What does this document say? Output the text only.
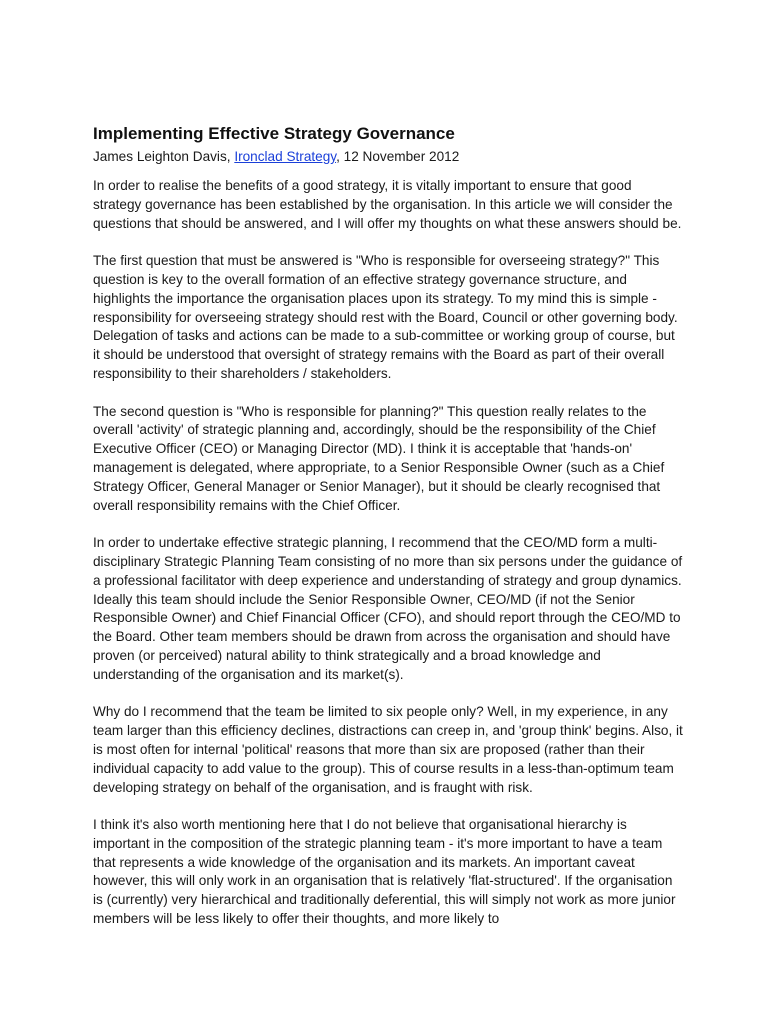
Implementing Effective Strategy Governance
James Leighton Davis, Ironclad Strategy, 12 November 2012

In order to realise the benefits of a good strategy, it is vitally important to ensure that good strategy governance has been established by the organisation. In this article we will consider the questions that should be answered, and I will offer my thoughts on what these answers should be.

The first question that must be answered is "Who is responsible for overseeing strategy?" This question is key to the overall formation of an effective strategy governance structure, and highlights the importance the organisation places upon its strategy. To my mind this is simple - responsibility for overseeing strategy should rest with the Board, Council or other governing body. Delegation of tasks and actions can be made to a sub-committee or working group of course, but it should be understood that oversight of strategy remains with the Board as part of their overall responsibility to their shareholders / stakeholders.

The second question is "Who is responsible for planning?" This question really relates to the overall 'activity' of strategic planning and, accordingly, should be the responsibility of the Chief Executive Officer (CEO) or Managing Director (MD). I think it is acceptable that 'hands-on' management is delegated, where appropriate, to a Senior Responsible Owner (such as a Chief Strategy Officer, General Manager or Senior Manager), but it should be clearly recognised that overall responsibility remains with the Chief Officer.

In order to undertake effective strategic planning, I recommend that the CEO/MD form a multi-disciplinary Strategic Planning Team consisting of no more than six persons under the guidance of a professional facilitator with deep experience and understanding of strategy and group dynamics. Ideally this team should include the Senior Responsible Owner, CEO/MD (if not the Senior Responsible Owner) and Chief Financial Officer (CFO), and should report through the CEO/MD to the Board. Other team members should be drawn from across the organisation and should have proven (or perceived) natural ability to think strategically and a broad knowledge and understanding of the organisation and its market(s).

Why do I recommend that the team be limited to six people only? Well, in my experience, in any team larger than this efficiency declines, distractions can creep in, and 'group think' begins. Also, it is most often for internal 'political' reasons that more than six are proposed (rather than their individual capacity to add value to the group). This of course results in a less-than-optimum team developing strategy on behalf of the organisation, and is fraught with risk.

I think it's also worth mentioning here that I do not believe that organisational hierarchy is important in the composition of the strategic planning team - it's more important to have a team that represents a wide knowledge of the organisation and its markets. An important caveat however, this will only work in an organisation that is relatively 'flat-structured'. If the organisation is (currently) very hierarchical and traditionally deferential, this will simply not work as more junior members will be less likely to offer their thoughts, and more likely to
